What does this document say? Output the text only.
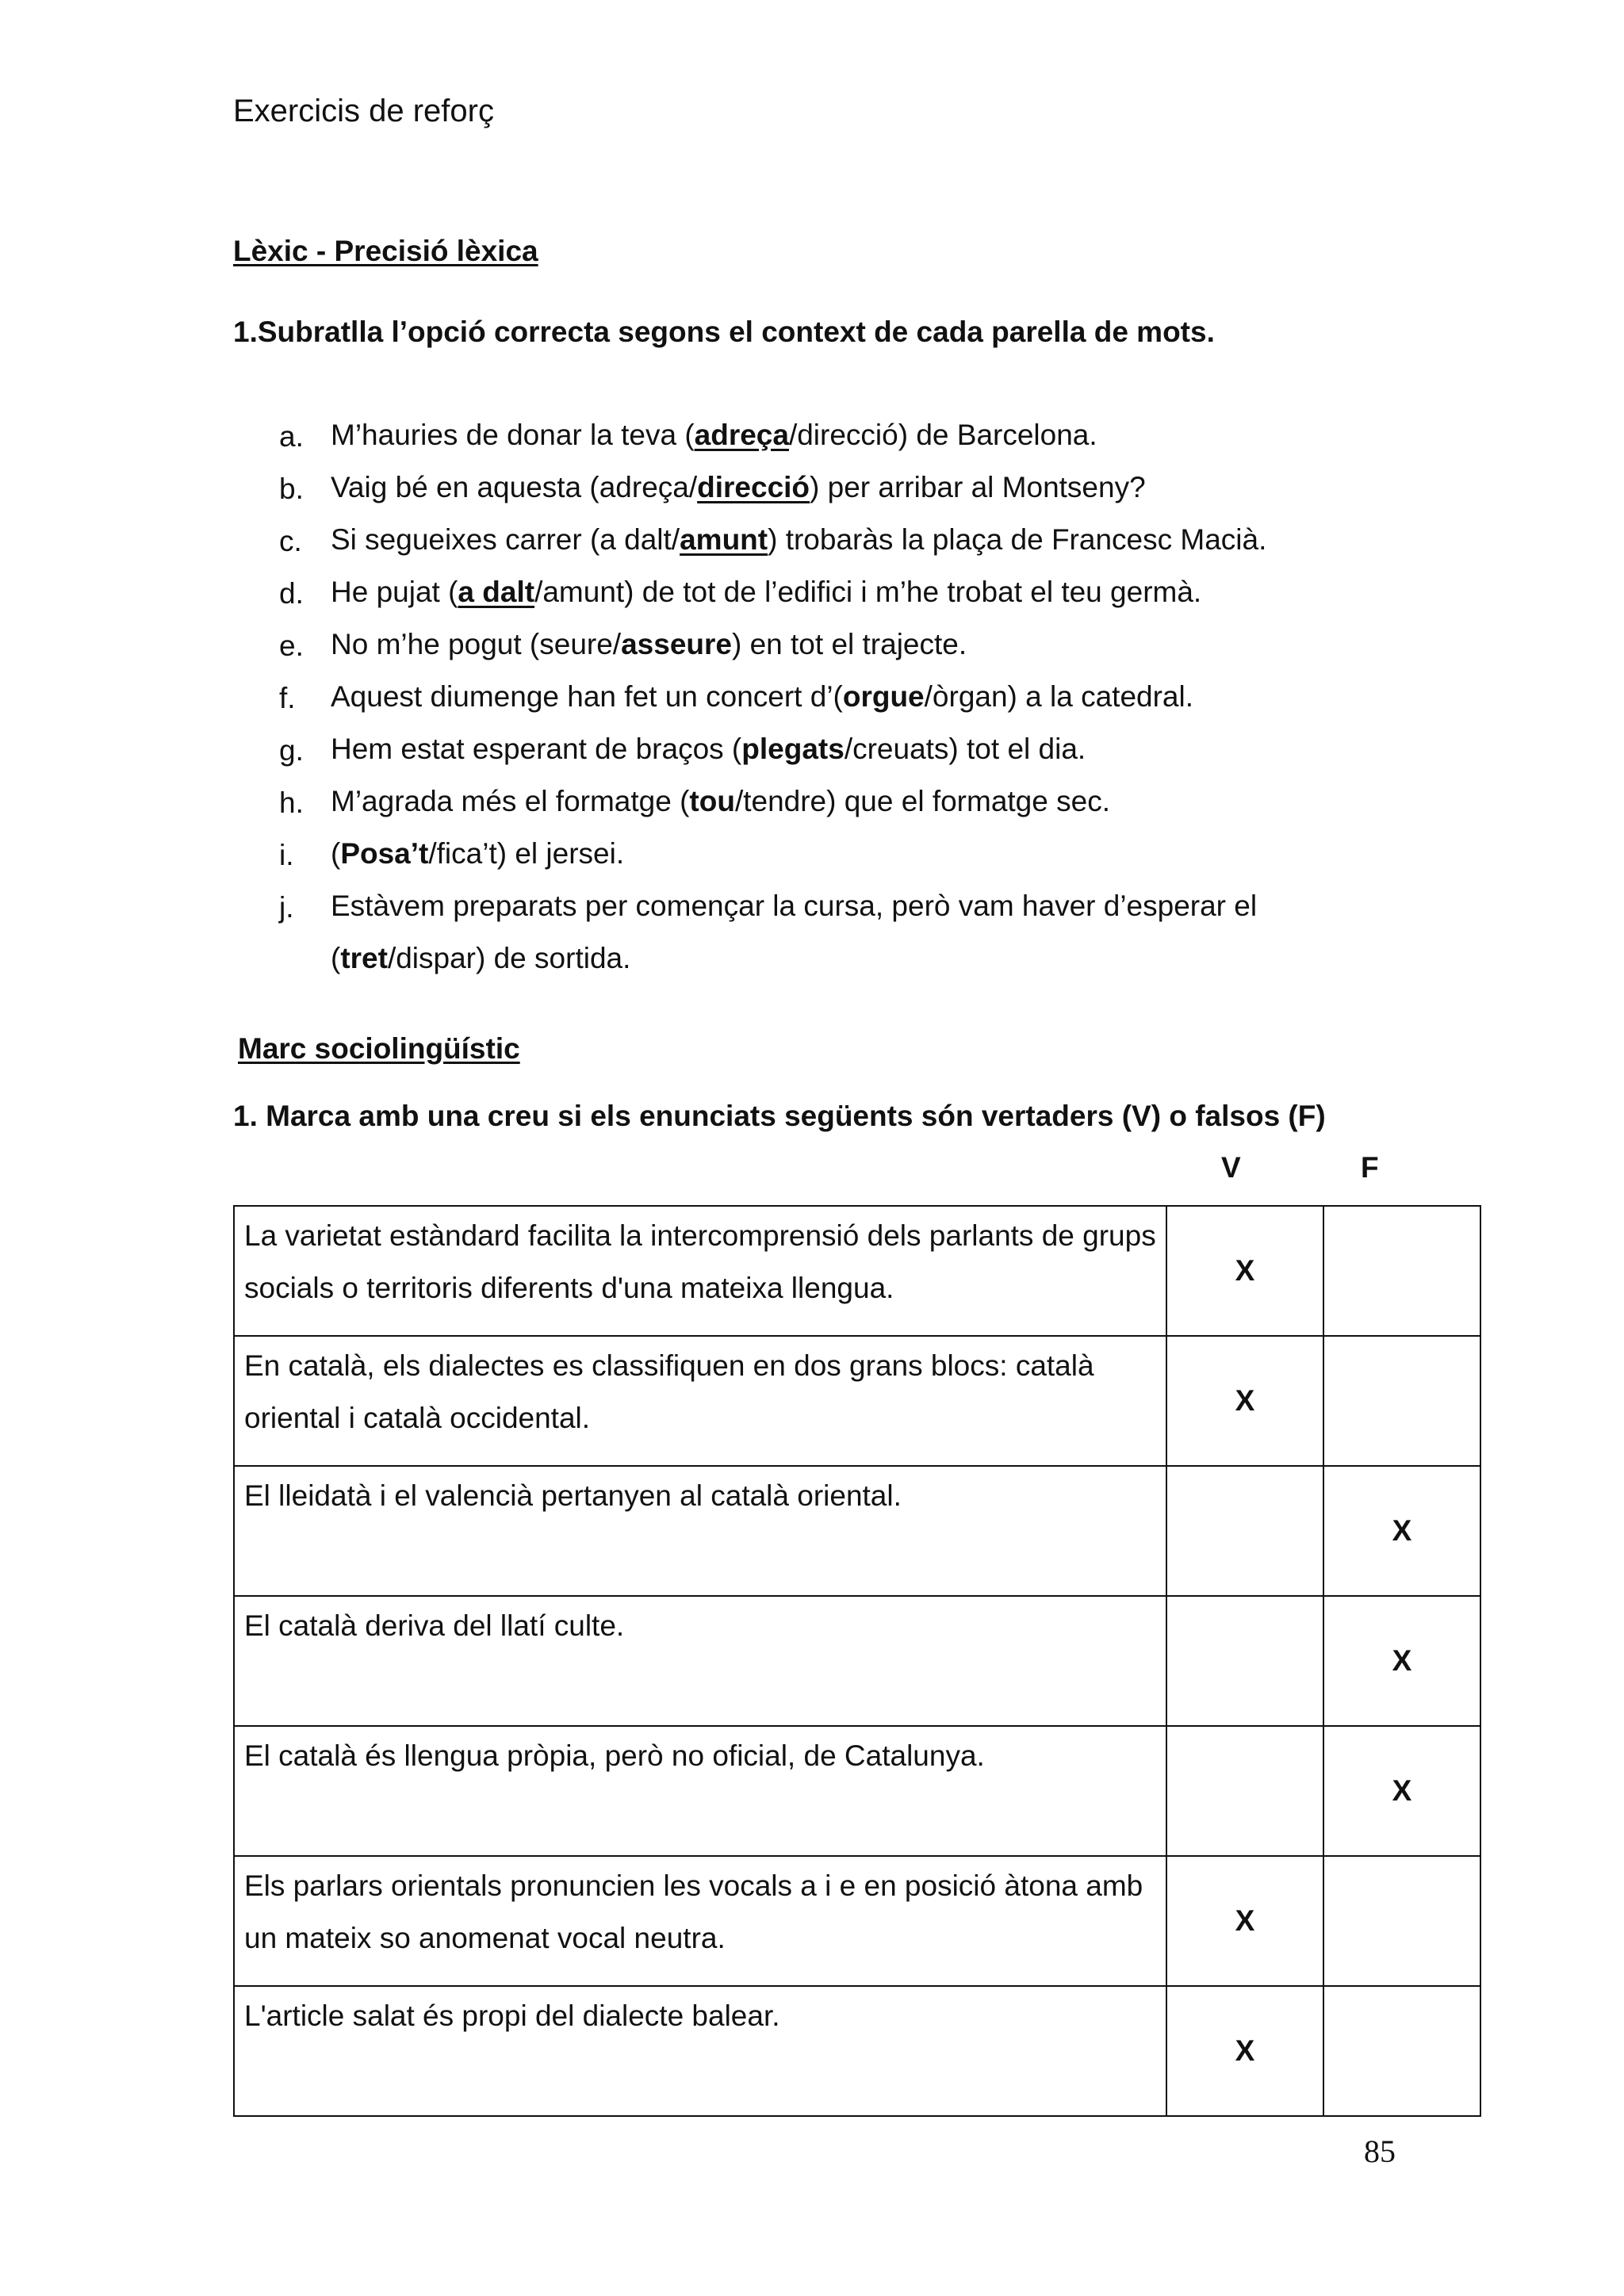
Exercicis de reforç
Lèxic - Precisió lèxica
1.Subratlla l’opció correcta segons el context de cada parella de mots.
a. M’hauries de donar la teva (adreça/direcció) de Barcelona.
b. Vaig bé en aquesta (adreça/direcció) per arribar al Montseny?
c. Si segueixes carrer (a dalt/amunt) trobaràs la plaça de Francesc Macià.
d. He pujat (a dalt/amunt) de tot de l’edifici i m’he trobat el teu germà.
e. No m’he pogut (seure/asseure) en tot el trajecte.
f.	Aquest diumenge han fet un concert d’(orgue/òrgan) a la catedral.
g. Hem estat esperant de braços (plegats/creuats) tot el dia.
h. M’agrada més el formatge (tou/tendre) que el formatge sec.
i.	(Posa’t/fica’t) el jersei.
j.	Estàvem preparats per començar la cursa, però vam haver d’esperar el (tret/dispar) de sortida.
Marc sociolingüístic
1. Marca amb una creu si els enunciats següents són vertaders (V) o falsos (F)
V	F
La varietat estàndard facilita la intercomprensió dels parlants de grups socials o territoris diferents d'una mateixa llengua.	X	
En català, els dialectes es classifiquen en dos grans blocs: català oriental i català occidental.	X	
El lleidatà i el valencià pertanyen al català oriental.		X
El català deriva del llatí culte.		X
El català és llengua pròpia, però no oficial, de Catalunya.		X
Els parlars orientals pronuncien les vocals a i e en posició àtona amb un mateix so anomenat vocal neutra.	X	
L'article salat és propi del dialecte balear.	X	
85
